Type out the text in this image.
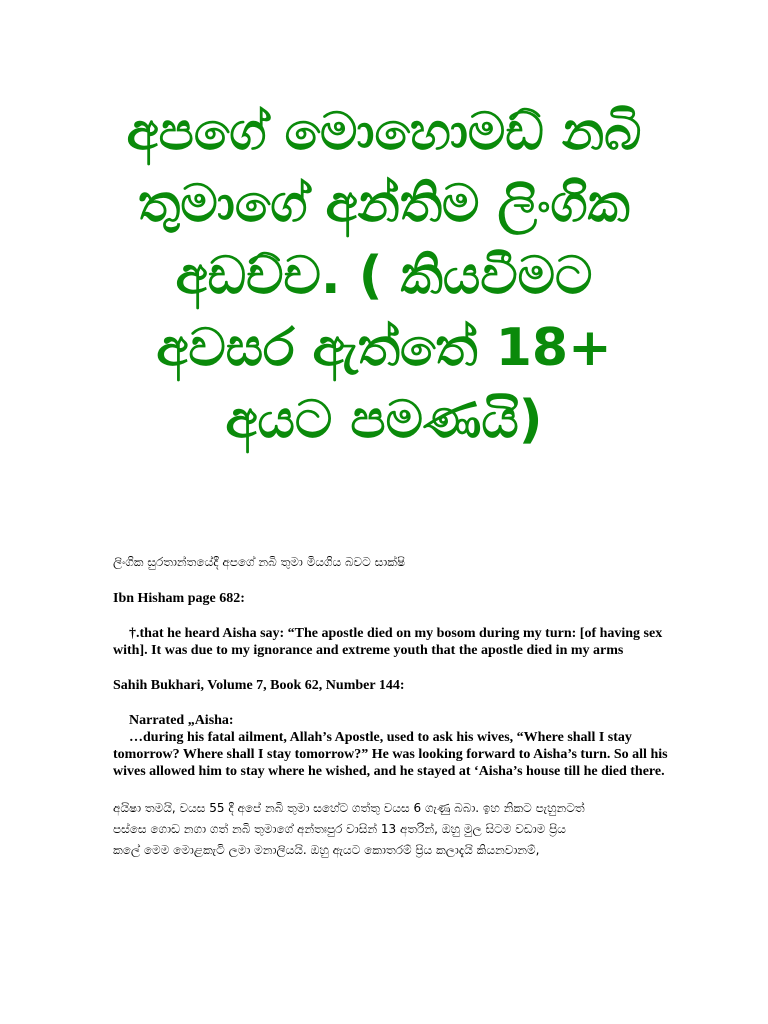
අපගේ මොහොමඩ් නබි
තුමාගේ අන්තිම ලිංගික
අඩච්ච. ( කියවීමට
අවසර ඇත්තේ 18+
අයට පමණයි)

ලිංගික සුරතාන්තයේදී අපගේ නබි තුමා මියගිය බවට සාක්ෂි

Ibn Hisham page 682:

†.that he heard Aisha say: “The apostle died on my bosom during my turn: [of having sex with]. It was due to my ignorance and extreme youth that the apostle died in my arms

Sahih Bukhari, Volume 7, Book 62, Number 144:

Narrated „Aisha:

…during his fatal ailment, Allah’s Apostle, used to ask his wives, “Where shall I stay tomorrow? Where shall I stay tomorrow?” He was looking forward to Aisha’s turn. So all his wives allowed him to stay where he wished, and he stayed at ‘Aisha’s house till he died there.

අයිෂා තමයි, වයස 55 දී අපේ නබි තුමා සහේට ගත්තු වයස 6 ගැණු බබා. ඉහ නිකට පැහුනටත්

පස්සෙ ගොඩ නගා ගත් නබි තුමාගේ අන්තඃපුර වාසින් 13 අතරින්, ඔහු මුල සිටම වඩාම ප්‍රිය

කලේ මෙම මොළකැටි ලමා මනාලියයි. ඔහු ඇයට කොතරම් ප්‍රිය කලාදැයි කියනවානම්,
